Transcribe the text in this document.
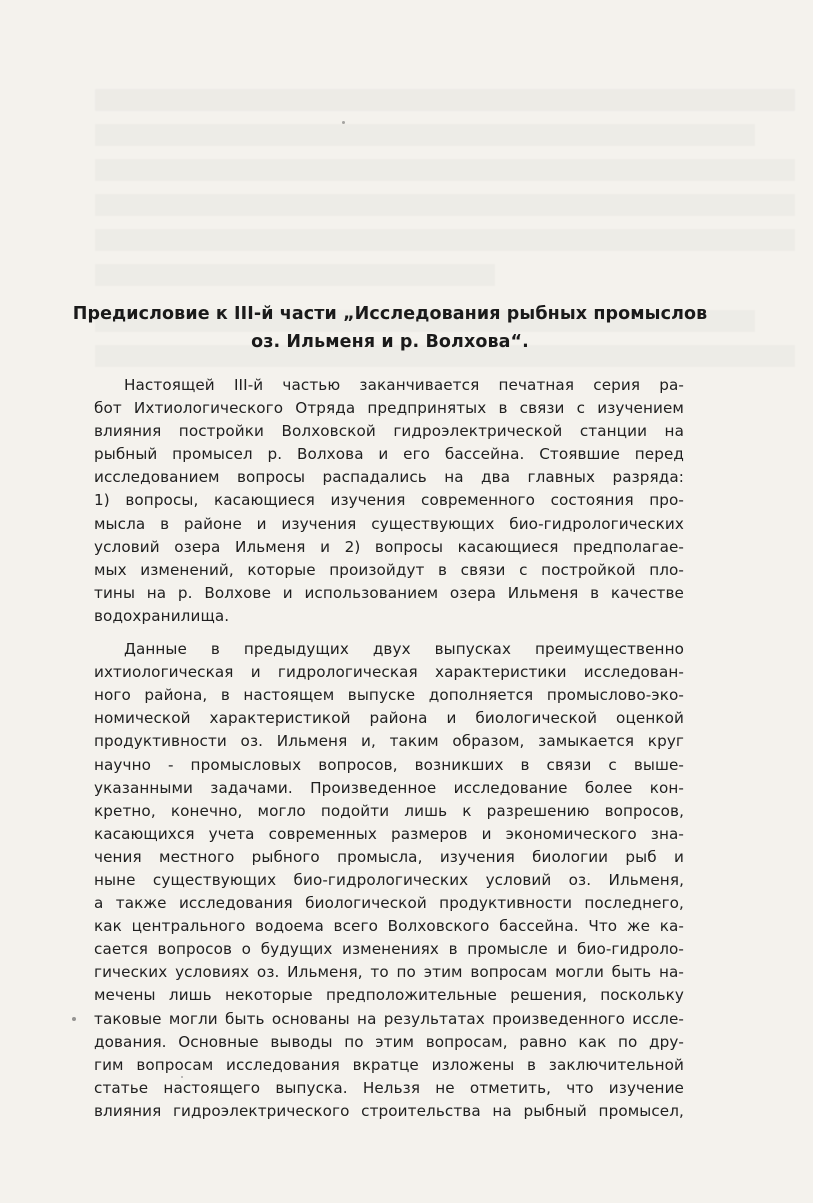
Предисловие к III-й части „Исследования рыбных промыслов
оз. Ильменя и р. Волхова“.
Настоящей III-й частью заканчивается печатная серия ра-
бот Ихтиологического Отряда предпринятых в связи с изучением
влияния постройки Волховской гидроэлектрической станции на
рыбный промысел р. Волхова и его бассейна. Стоявшие перед
исследованием вопросы распадались на два главных разряда:
1) вопросы, касающиеся изучения современного состояния про-
мысла в районе и изучения существующих био-гидрологических
условий озера Ильменя и 2) вопросы касающиеся предполагае-
мых изменений, которые произойдут в связи с постройкой пло-
тины на р. Волхове и использованием озера Ильменя в качестве
водохранилища.
Данные в предыдущих двух выпусках преимущественно
ихтиологическая и гидрологическая характеристики исследован-
ного района, в настоящем выпуске дополняется промыслово-эко-
номической характеристикой района и биологической оценкой
продуктивности оз. Ильменя и, таким образом, замыкается круг
научно - промысловых вопросов, возникших в связи с выше-
указанными задачами. Произведенное исследование более кон-
кретно, конечно, могло подойти лишь к разрешению вопросов,
касающихся учета современных размеров и экономического зна-
чения местного рыбного промысла, изучения биологии рыб и
ныне существующих био-гидрологических условий оз. Ильменя,
а также исследования биологической продуктивности последнего,
как центрального водоема всего Волховского бассейна. Что же ка-
сается вопросов о будущих изменениях в промысле и био-гидроло-
гических условиях оз. Ильменя, то по этим вопросам могли быть на-
мечены лишь некоторые предположительные решения, поскольку
таковые могли быть основаны на результатах произведенного иссле-
дования. Основные выводы по этим вопросам, равно как по дру-
гим вопросам исследования вкратце изложены в заключительной
статье настоящего выпуска. Нельзя не отметить, что изучение
влияния гидроэлектрического строительства на рыбный промысел,
